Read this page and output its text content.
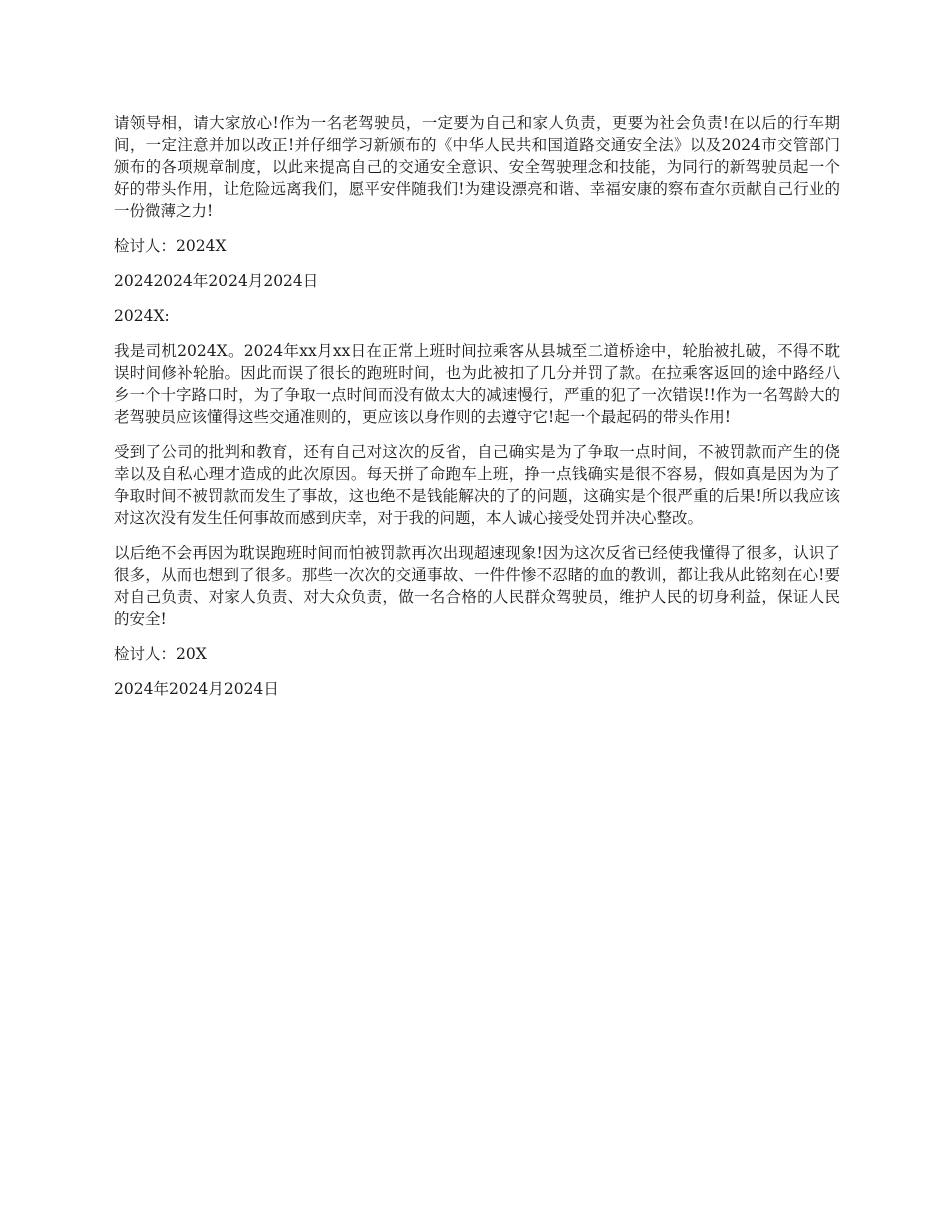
请领导相，请大家放心!作为一名老驾驶员，一定要为自己和家人负责，更要为社会负责!在以后的行车期间，一定注意并加以改正!并仔细学习新颁布的《中华人民共和国道路交通安全法》以及2024市交管部门颁布的各项规章制度，以此来提高自己的交通安全意识、安全驾驶理念和技能，为同行的新驾驶员起一个好的带头作用，让危险远离我们，愿平安伴随我们!为建设漂亮和谐、幸福安康的察布查尔贡献自己行业的一份微薄之力!

检讨人：2024X

20242024年2024月2024日

2024X:

我是司机2024X。2024年xx月xx日在正常上班时间拉乘客从县城至二道桥途中，轮胎被扎破，不得不耽误时间修补轮胎。因此而误了很长的跑班时间，也为此被扣了几分并罚了款。在拉乘客返回的途中路经八乡一个十字路口时，为了争取一点时间而没有做太大的减速慢行，严重的犯了一次错误!!作为一名驾龄大的老驾驶员应该懂得这些交通准则的，更应该以身作则的去遵守它!起一个最起码的带头作用!

受到了公司的批判和教育，还有自己对这次的反省，自己确实是为了争取一点时间，不被罚款而产生的侥幸以及自私心理才造成的此次原因。每天拼了命跑车上班，挣一点钱确实是很不容易，假如真是因为为了争取时间不被罚款而发生了事故，这也绝不是钱能解决的了的问题，这确实是个很严重的后果!所以我应该对这次没有发生任何事故而感到庆幸，对于我的问题，本人诚心接受处罚并决心整改。

以后绝不会再因为耽误跑班时间而怕被罚款再次出现超速现象!因为这次反省已经使我懂得了很多，认识了很多，从而也想到了很多。那些一次次的交通事故、一件件惨不忍睹的血的教训，都让我从此铭刻在心!要对自己负责、对家人负责、对大众负责，做一名合格的人民群众驾驶员，维护人民的切身利益，保证人民的安全!

检讨人：20X

2024年2024月2024日
